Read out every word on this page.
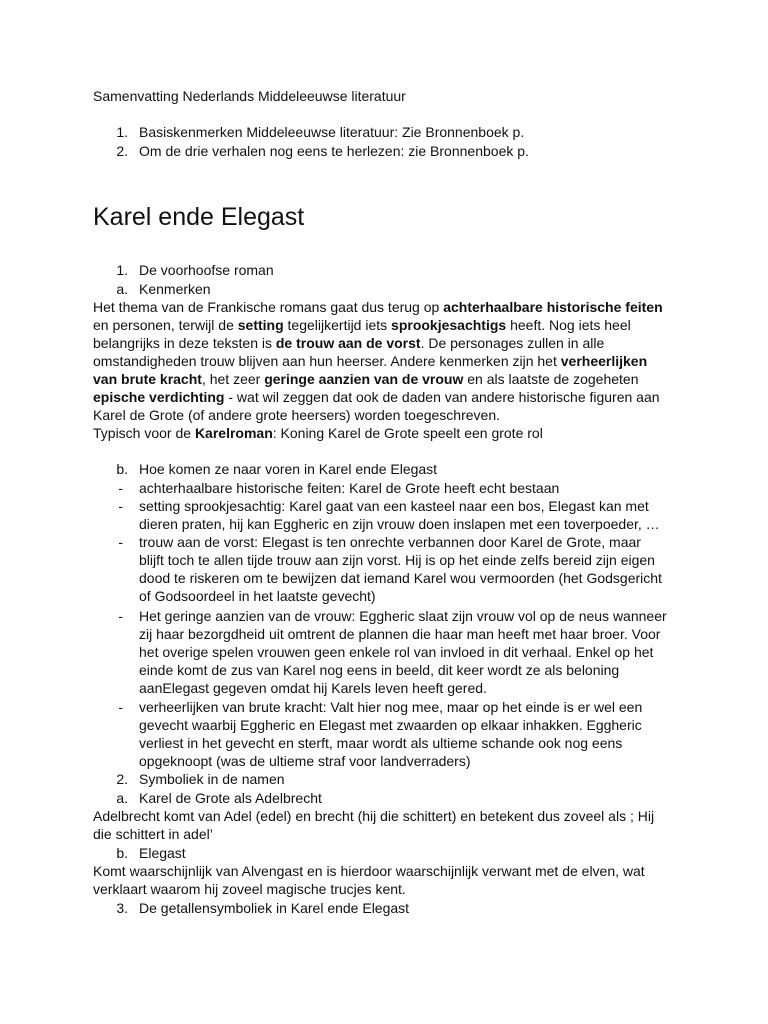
Samenvatting Nederlands Middeleeuwse literatuur
1. Basiskenmerken Middeleeuwse literatuur: Zie Bronnenboek p.
2. Om de drie verhalen nog eens te herlezen: zie Bronnenboek p.
Karel ende Elegast
1. De voorhoofse roman
a. Kenmerken
Het thema van de Frankische romans gaat dus terug op achterhaalbare historische feiten
en personen, terwijl de setting tegelijkertijd iets sprookjesachtigs heeft. Nog iets heel
belangrijks in deze teksten is de trouw aan de vorst. De personages zullen in alle
omstandigheden trouw blijven aan hun heerser. Andere kenmerken zijn het verheerlijken
van brute kracht, het zeer geringe aanzien van de vrouw en als laatste de zogeheten
epische verdichting - wat wil zeggen dat ook de daden van andere historische figuren aan
Karel de Grote (of andere grote heersers) worden toegeschreven.
Typisch voor de Karelroman: Koning Karel de Grote speelt een grote rol
b. Hoe komen ze naar voren in Karel ende Elegast
- achterhaalbare historische feiten: Karel de Grote heeft echt bestaan
- setting sprookjesachtig: Karel gaat van een kasteel naar een bos, Elegast kan met
dieren praten, hij kan Eggheric en zijn vrouw doen inslapen met een toverpoeder, …
- trouw aan de vorst: Elegast is ten onrechte verbannen door Karel de Grote, maar
blijft toch te allen tijde trouw aan zijn vorst. Hij is op het einde zelfs bereid zijn eigen
dood te riskeren om te bewijzen dat iemand Karel wou vermoorden (het Godsgericht
of Godsoordeel in het laatste gevecht)
- Het geringe aanzien van de vrouw: Eggheric slaat zijn vrouw vol op de neus wanneer
zij haar bezorgdheid uit omtrent de plannen die haar man heeft met haar broer. Voor
het overige spelen vrouwen geen enkele rol van invloed in dit verhaal. Enkel op het
einde komt de zus van Karel nog eens in beeld, dit keer wordt ze als beloning
aanElegast gegeven omdat hij Karels leven heeft gered.
- verheerlijken van brute kracht: Valt hier nog mee, maar op het einde is er wel een
gevecht waarbij Eggheric en Elegast met zwaarden op elkaar inhakken. Eggheric
verliest in het gevecht en sterft, maar wordt als ultieme schande ook nog eens
opgeknoopt (was de ultieme straf voor landverraders)
2. Symboliek in de namen
a. Karel de Grote als Adelbrecht
Adelbrecht komt van Adel (edel) en brecht (hij die schittert) en betekent dus zoveel als ; Hij
die schittert in adel’
b. Elegast
Komt waarschijnlijk van Alvengast en is hierdoor waarschijnlijk verwant met de elven, wat
verklaart waarom hij zoveel magische trucjes kent.
3. De getallensymboliek in Karel ende Elegast
